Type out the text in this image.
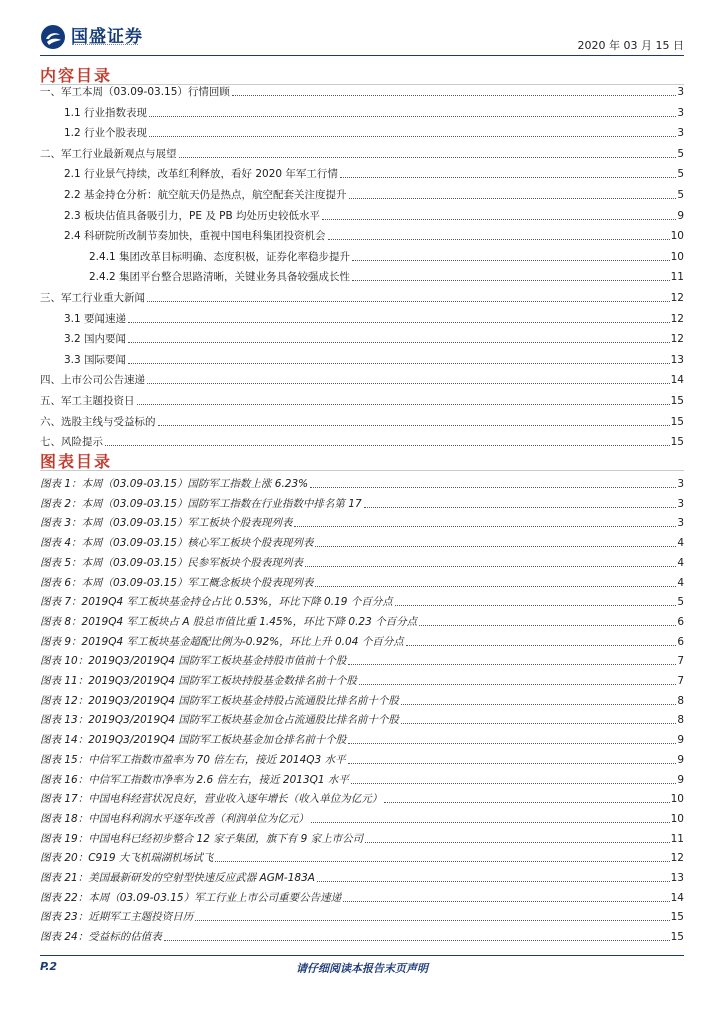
国盛证券	2020 年 03 月 15 日
内容目录
一、军工本周（03.09-03.15）行情回顾	3
1.1 行业指数表现	3
1.2 行业个股表现	3
二、军工行业最新观点与展望	5
2.1 行业景气持续，改革红利释放，看好 2020 年军工行情	5
2.2 基金持仓分析：航空航天仍是热点，航空配套关注度提升	5
2.3 板块估值具备吸引力，PE 及 PB 均处历史较低水平	9
2.4 科研院所改制节奏加快，重视中国电科集团投资机会	10
2.4.1 集团改革目标明确、态度积极，证券化率稳步提升	10
2.4.2 集团平台整合思路清晰，关键业务具备较强成长性	11
三、军工行业重大新闻	12
3.1 要闻速递	12
3.2 国内要闻	12
3.3 国际要闻	13
四、上市公司公告速递	14
五、军工主题投资日	15
六、选股主线与受益标的	15
七、风险提示	15
图表目录
图表 1：本周（03.09-03.15）国防军工指数上涨 6.23%	3
图表 2：本周（03.09-03.15）国防军工指数在行业指数中排名第 17	3
图表 3：本周（03.09-03.15）军工板块个股表现列表	3
图表 4：本周（03.09-03.15）核心军工板块个股表现列表	4
图表 5：本周（03.09-03.15）民参军板块个股表现列表	4
图表 6：本周（03.09-03.15）军工概念板块个股表现列表	4
图表 7：2019Q4 军工板块基金持仓占比 0.53%，环比下降 0.19 个百分点	5
图表 8：2019Q4 军工板块占 A 股总市值比重 1.45%，环比下降 0.23 个百分点	6
图表 9：2019Q4 军工板块基金超配比例为-0.92%，环比上升 0.04 个百分点	6
图表 10：2019Q3/2019Q4 国防军工板块基金持股市值前十个股	7
图表 11：2019Q3/2019Q4 国防军工板块持股基金数排名前十个股	7
图表 12：2019Q3/2019Q4 国防军工板块基金持股占流通股比排名前十个股	8
图表 13：2019Q3/2019Q4 国防军工板块基金加仓占流通股比排名前十个股	8
图表 14：2019Q3/2019Q4 国防军工板块基金加仓排名前十个股	9
图表 15：中信军工指数市盈率为 70 倍左右，接近 2014Q3 水平	9
图表 16：中信军工指数市净率为 2.6 倍左右，接近 2013Q1 水平	9
图表 17：中国电科经营状况良好，营业收入逐年增长（收入单位为亿元）	10
图表 18：中国电科利润水平逐年改善（利润单位为亿元）	10
图表 19：中国电科已经初步整合 12 家子集团，旗下有 9 家上市公司	11
图表 20：C919 大飞机瑞湖机场试飞	12
图表 21：美国最新研发的空射型快速反应武器 AGM-183A	13
图表 22：本周（03.09-03.15）军工行业上市公司重要公告速递	14
图表 23：近期军工主题投资日历	15
图表 24：受益标的估值表	15
P.2	请仔细阅读本报告末页声明
